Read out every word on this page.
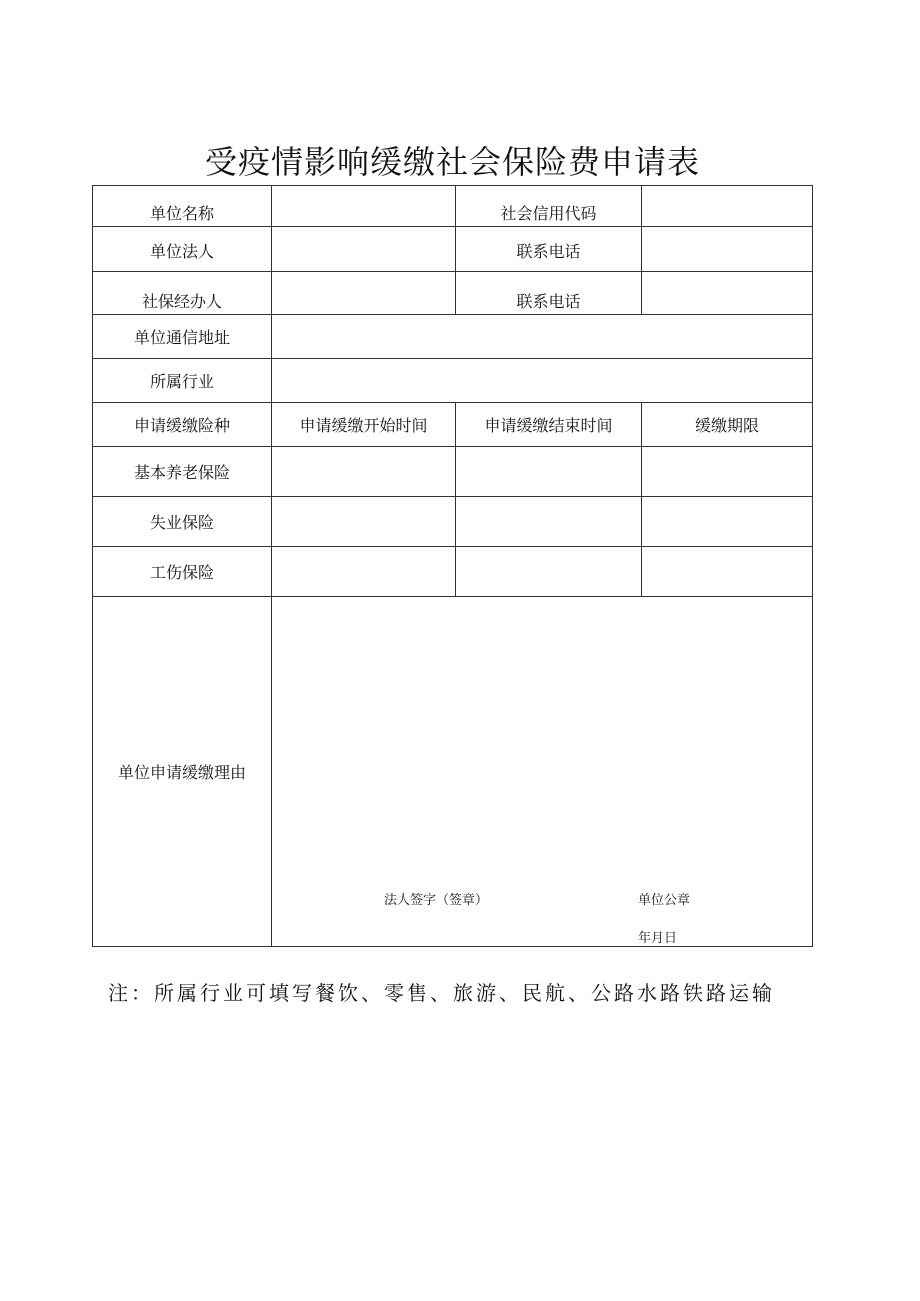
受疫情影响缓缴社会保险费申请表
单位名称		社会信用代码	
单位法人		联系电话	
社保经办人		联系电话	
单位通信地址			
所属行业			
申请缓缴险种	申请缓缴开始时间	申请缓缴结束时间	缓缴期限
基本养老保险			
失业保险			
工伤保险			
单位申请缓缴理由	法人签字（签章） 单位公章
年月日		
注：所属行业可填写餐饮、零售、旅游、民航、公路水路铁路运输
